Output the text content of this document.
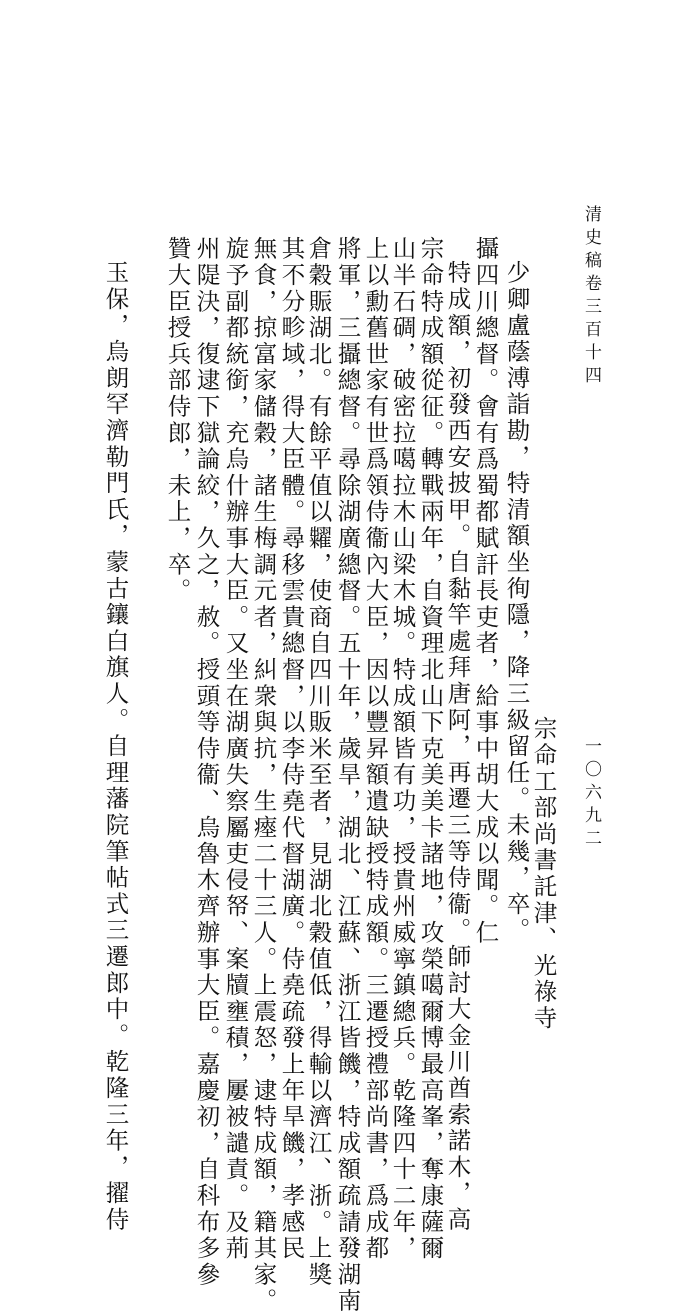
清史稿卷三百十四
一〇六九二
宗命工部尚書託津、光祿寺
少卿盧蔭溥詣勘，特清額坐徇隱，降三級留任。未幾，卒。
攝四川總督。會有爲蜀都賦訐長吏者，給事中胡大成以聞。仁
特成額，初發西安披甲。自黏竿處拜唐阿，再遷三等侍衞。師討大金川酋索諾木，高
宗命特成額從征。轉戰兩年，自資理北山下克美美卡諸地，攻榮噶爾博最高峯，奪康薩爾
山半石碉，破密拉噶拉木山梁木城。特成額皆有功，授貴州威寧鎮總兵。乾隆四十二年，
上以勳舊世家有世爲領侍衞內大臣，因以豐昇額遺缺授特成額。三遷授禮部尚書，爲成都
將軍，三攝總督。尋除湖廣總督。五十年，歲旱，湖北、江蘇、浙江皆饑，特成額疏請發湖南
倉穀賑湖北。有餘平值以糶，使商自四川販米至者，見湖北穀值低，得輸以濟江、浙。上獎
其不分畛域，得大臣體。尋移雲貴總督，以李侍堯代督湖廣。侍堯疏發上年旱饑，孝感民
無食，掠富家儲穀，諸生梅調元者，糾衆與抗，生瘞二十三人。上震怒，逮特成額，籍其家。
旋予副都統銜，充烏什辦事大臣。又坐在湖廣失察屬吏侵帑、案牘壅積，屢被譴責。及荊
州隄決，復逮下獄論絞，久之，赦。授頭等侍衞、烏魯木齊辦事大臣。嘉慶初，自科布多參
贊大臣授兵部侍郎，未上，卒。
玉保，烏朗罕濟勒門氏，蒙古鑲白旗人。自理藩院筆帖式三遷郎中。乾隆三年，擢侍
